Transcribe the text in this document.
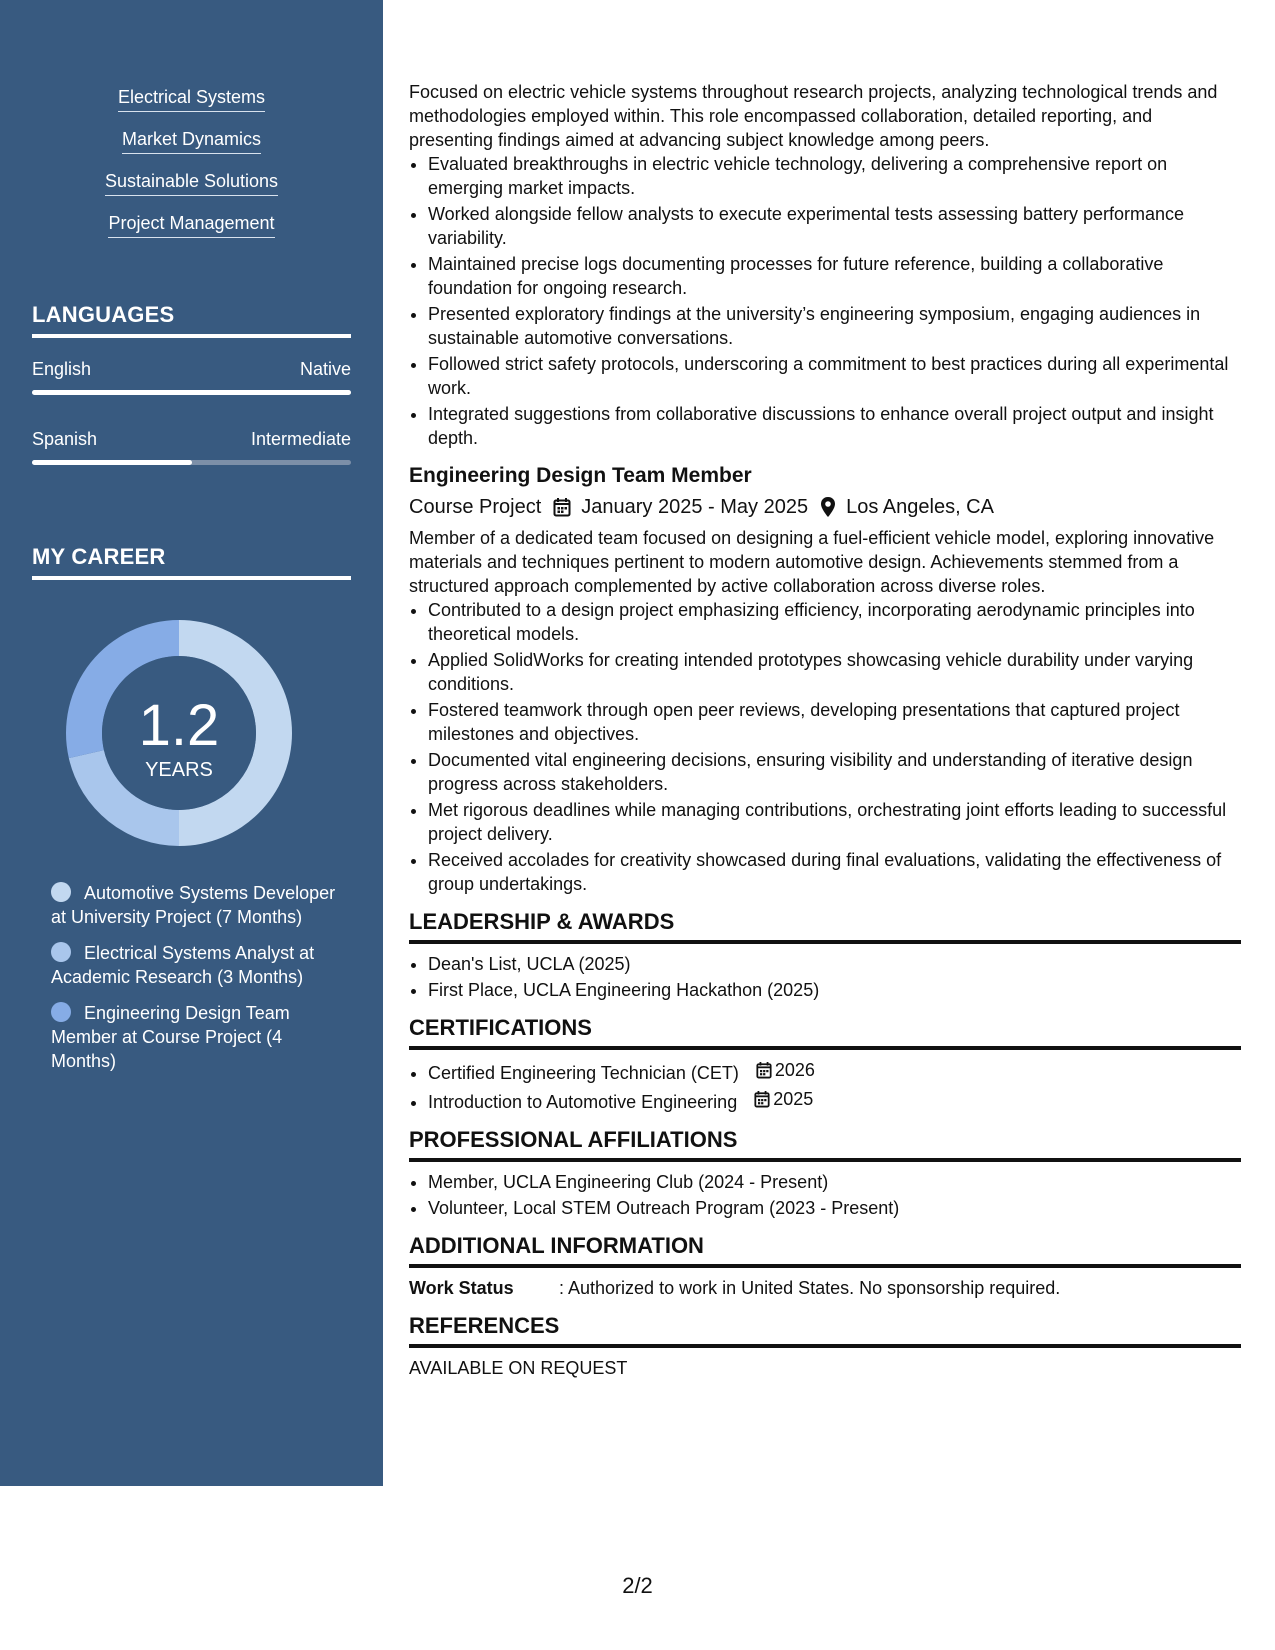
Electrical Systems
Market Dynamics
Sustainable Solutions
Project Management
LANGUAGES
English	Native
Spanish	Intermediate
MY CAREER
1.2
YEARS
Automotive Systems Developer at University Project (7 Months)
Electrical Systems Analyst at Academic Research (3 Months)
Engineering Design Team Member at Course Project (4 Months)

Focused on electric vehicle systems throughout research projects, analyzing technological trends and methodologies employed within. This role encompassed collaboration, detailed reporting, and presenting findings aimed at advancing subject knowledge among peers.

• Evaluated breakthroughs in electric vehicle technology, delivering a comprehensive report on emerging market impacts.
• Worked alongside fellow analysts to execute experimental tests assessing battery performance variability.
• Maintained precise logs documenting processes for future reference, building a collaborative foundation for ongoing research.
• Presented exploratory findings at the university’s engineering symposium, engaging audiences in sustainable automotive conversations.
• Followed strict safety protocols, underscoring a commitment to best practices during all experimental work.
• Integrated suggestions from collaborative discussions to enhance overall project output and insight depth.
Engineering Design Team Member
Course Project January 2025 - May 2025 Los Angeles, CA

Member of a dedicated team focused on designing a fuel-efficient vehicle model, exploring innovative materials and techniques pertinent to modern automotive design. Achievements stemmed from a structured approach complemented by active collaboration across diverse roles.

• Contributed to a design project emphasizing efficiency, incorporating aerodynamic principles into theoretical models.
• Applied SolidWorks for creating intended prototypes showcasing vehicle durability under varying conditions.
• Fostered teamwork through open peer reviews, developing presentations that captured project milestones and objectives.
• Documented vital engineering decisions, ensuring visibility and understanding of iterative design progress across stakeholders.
• Met rigorous deadlines while managing contributions, orchestrating joint efforts leading to successful project delivery.
• Received accolades for creativity showcased during final evaluations, validating the effectiveness of group undertakings.
LEADERSHIP & AWARDS
• Dean's List, UCLA (2025)
• First Place, UCLA Engineering Hackathon (2025)
CERTIFICATIONS
• Certified Engineering Technician (CET) 2026
• Introduction to Automotive Engineering 2025
PROFESSIONAL AFFILIATIONS
• Member, UCLA Engineering Club (2024 - Present)
• Volunteer, Local STEM Outreach Program (2023 - Present)
ADDITIONAL INFORMATION
Work Status	: Authorized to work in United States. No sponsorship required.
REFERENCES

AVAILABLE ON REQUEST

2/2
